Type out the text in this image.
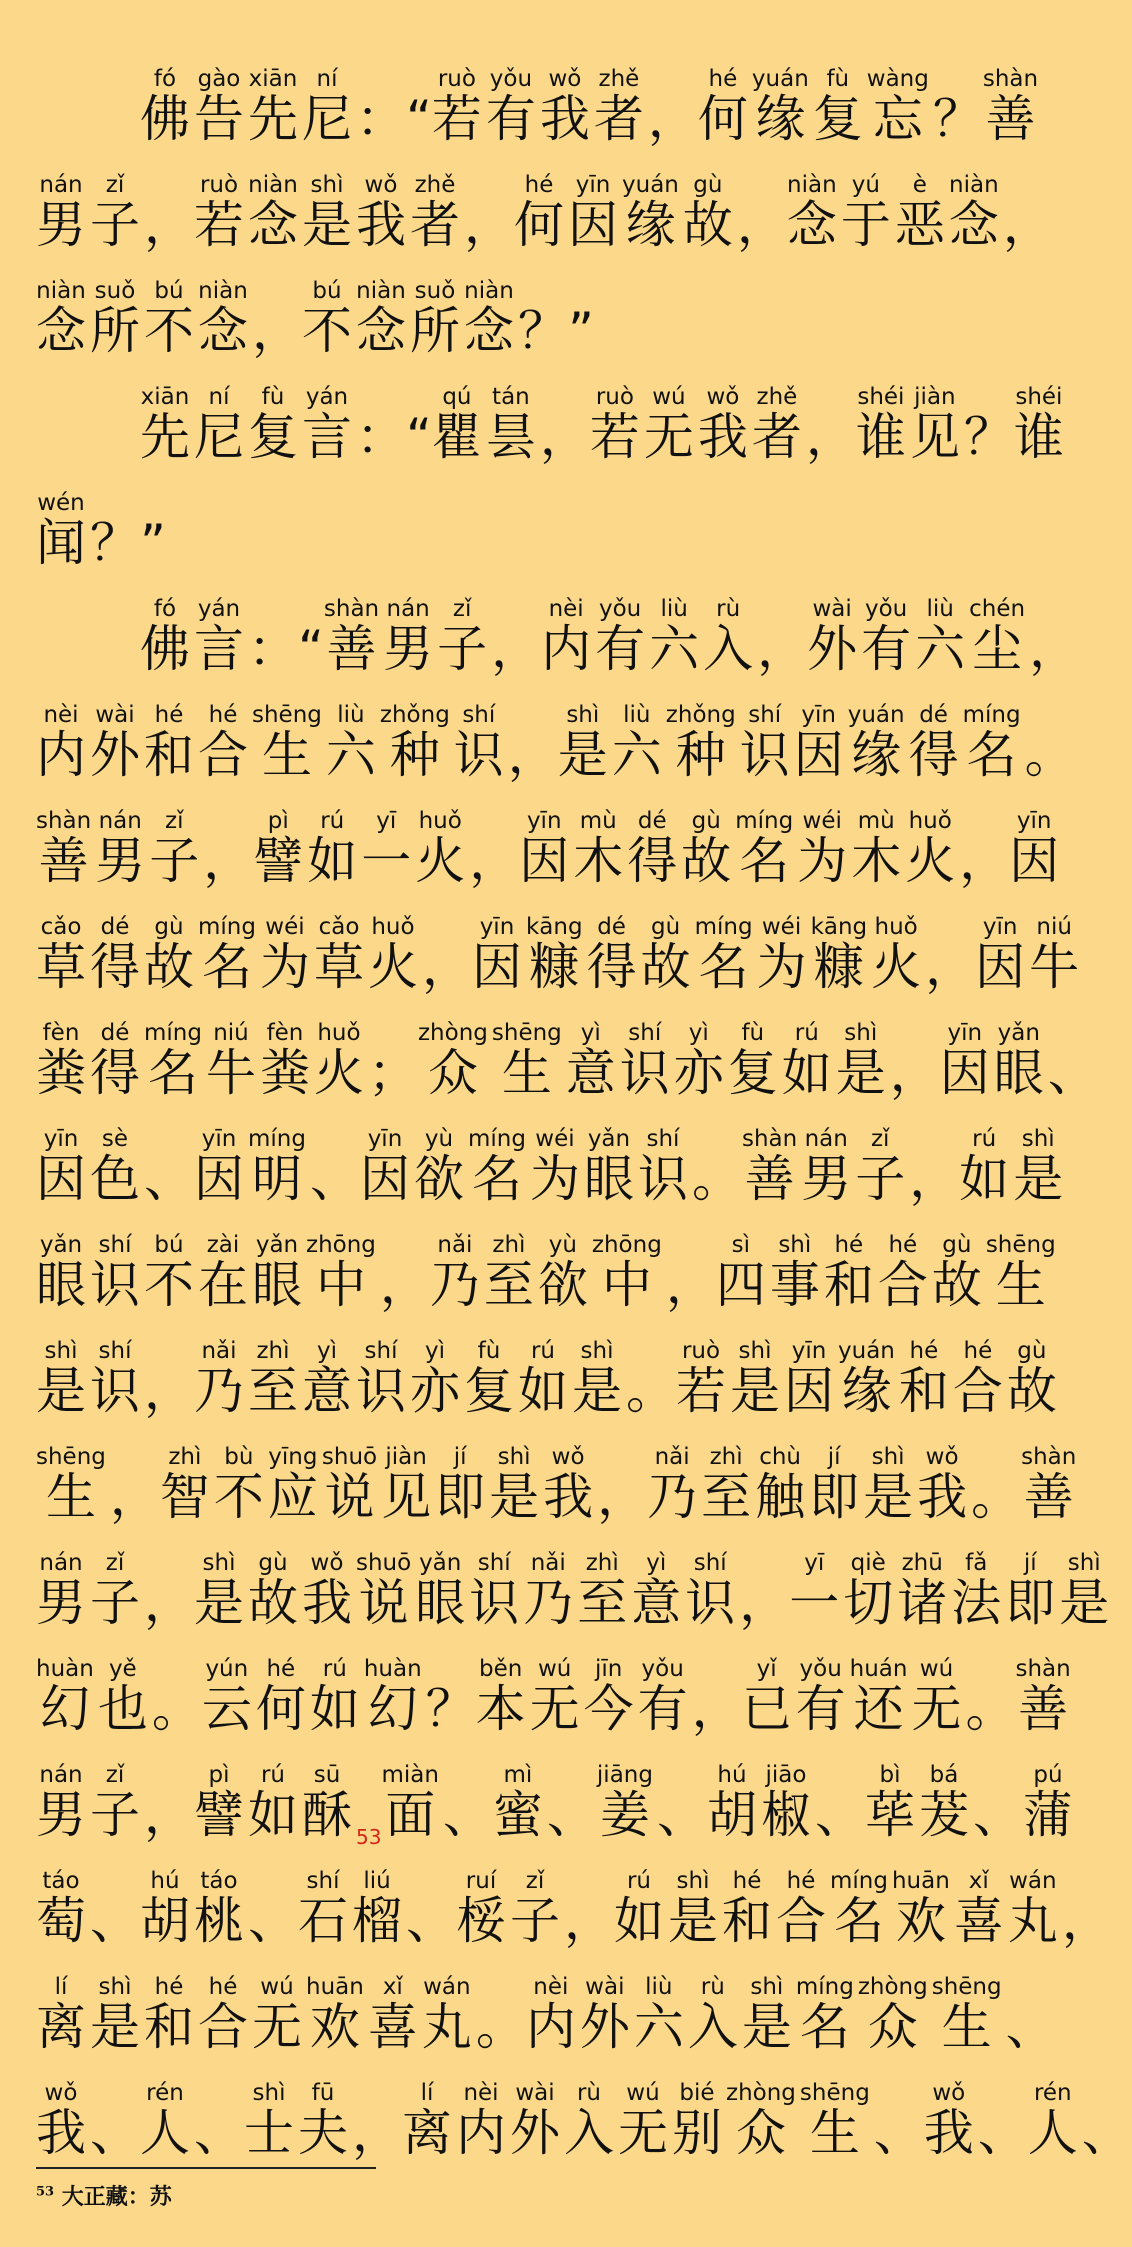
佛fó
告gào
先xiān
尼ní
：“ 若ruò
有yǒu
我wǒ
者zhě
， 何hé
缘yuán
复fù
忘wàng
？ 善shàn
男nán
子zǐ
， 若ruò
念niàn
是shì
我wǒ
者zhě
， 何hé
因yīn
缘yuán
故gù
， 念niàn
于yú
恶è
念niàn
，
念niàn
所suǒ
不bú
念niàn
， 不bú
念niàn
所suǒ
念niàn
？”
先xiān
尼ní
复fù
言yán
：“ 瞿qú
昙tán
， 若ruò
无wú
我wǒ
者zhě
， 谁shéi
见jiàn
？ 谁shéi
闻wén
？”
佛fó
言yán
：“ 善shàn
男nán
子zǐ
， 内nèi
有yǒu
六liù
入rù
， 外wài
有yǒu
六liù
尘chén
，
内nèi
外wài
和hé
合hé
生shēng
六liù
种zhǒng
识shí
， 是shì
六liù
种zhǒng
识shí
因yīn
缘yuán
得dé
名míng
。
善shàn
男nán
子zǐ
， 譬pì
如rú
一yī
火huǒ
， 因yīn
木mù
得dé
故gù
名míng
为wéi
木mù
火huǒ
， 因yīn
草cǎo
得dé
故gù
名míng
为wéi
草cǎo
火huǒ
， 因yīn
糠kāng
得dé
故gù
名míng
为wéi
糠kāng
火huǒ
， 因yīn
牛niú
粪fèn
得dé
名míng
牛niú
粪fèn
火huǒ
； 众zhòng
生shēng
意yì
识shí
亦yì
复fù
如rú
是shì
， 因yīn
眼yǎn
、
因yīn
色sè
、 因yīn
明míng
、 因yīn
欲yù
名míng
为wéi
眼yǎn
识shí
。 善shàn
男nán
子zǐ
， 如rú
是shì
眼yǎn
识shí
不bú
在zài
眼yǎn
中zhōng
， 乃nǎi
至zhì
欲yù
中zhōng
， 四sì
事shì
和hé
合hé
故gù
生shēng
是shì
识shí
， 乃nǎi
至zhì
意yì
识shí
亦yì
复fù
如rú
是shì
。 若ruò
是shì
因yīn
缘yuán
和hé
合hé
故gù
生shēng
， 智zhì
不bù
应yīng
说shuō
见jiàn
即jí
是shì
我wǒ
， 乃nǎi
至zhì
触chù
即jí
是shì
我wǒ
。 善shàn
男nán
子zǐ
， 是shì
故gù
我wǒ
说shuō
眼yǎn
识shí
乃nǎi
至zhì
意yì
识shí
， 一yī
切qiè
诸zhū
法fǎ
即jí
是shì
幻huàn
也yě
。 云yún
何hé
如rú
幻huàn
？ 本běn
无wú
今jīn
有yǒu
， 已yǐ
有yǒu
还huán
无wú
。 善shàn
男nán
子zǐ
， 譬pì
如rú
酥sū
53 面miàn
、 蜜mì
、 姜jiāng
、 胡hú
椒jiāo
、 荜bì
茇bá
、 蒲pú
萄táo
、 胡hú
桃táo
、 石shí
榴liú
、 桵ruí
子zǐ
， 如rú
是shì
和hé
合hé
名míng
欢huān
喜xǐ
丸wán
，
离lí
是shì
和hé
合hé
无wú
欢huān
喜xǐ
丸wán
。 内nèi
外wài
六liù
入rù
是shì
名míng
众zhòng
生shēng
、
我wǒ
、 人rén
、 士shì
夫fū
， 离lí
内nèi
外wài
入rù
无wú
别bié
众zhòng
生shēng
、 我wǒ
、 人rén
、
$^{53}$ 大正藏：苏
